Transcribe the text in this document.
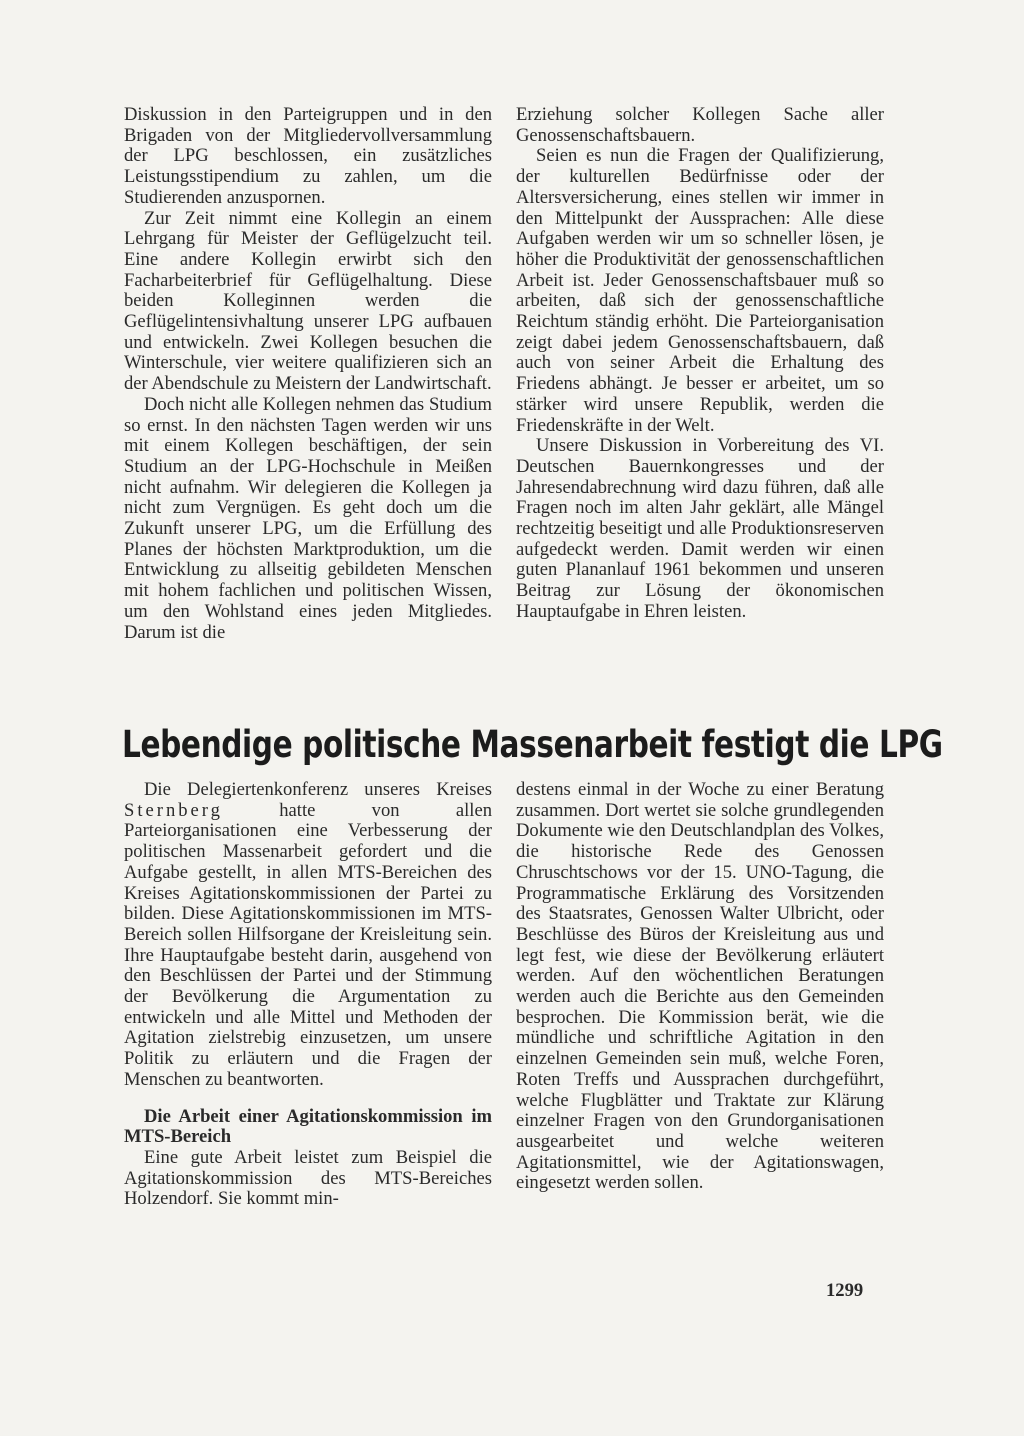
Diskussion in den Parteigruppen und in den Brigaden von der Mitgliedervollversammlung der LPG beschlossen, ein zusätzliches Leistungsstipendium zu zahlen, um die Studierenden anzuspornen.

Zur Zeit nimmt eine Kollegin an einem Lehrgang für Meister der Geflügelzucht teil. Eine andere Kollegin erwirbt sich den Facharbeiterbrief für Geflügelhaltung. Diese beiden Kolleginnen werden die Geflügelintensivhaltung unserer LPG aufbauen und entwickeln. Zwei Kollegen besuchen die Winterschule, vier weitere qualifizieren sich an der Abendschule zu Meistern der Landwirtschaft.

Doch nicht alle Kollegen nehmen das Studium so ernst. In den nächsten Tagen werden wir uns mit einem Kollegen beschäftigen, der sein Studium an der LPG-Hochschule in Meißen nicht aufnahm. Wir delegieren die Kollegen ja nicht zum Vergnügen. Es geht doch um die Zukunft unserer LPG, um die Erfüllung des Planes der höchsten Marktproduktion, um die Entwicklung zu allseitig gebildeten Menschen mit hohem fachlichen und politischen Wissen, um den Wohlstand eines jeden Mitgliedes. Darum ist die

Erziehung solcher Kollegen Sache aller Genossenschaftsbauern.

Seien es nun die Fragen der Qualifizierung, der kulturellen Bedürfnisse oder der Altersversicherung, eines stellen wir immer in den Mittelpunkt der Aussprachen: Alle diese Aufgaben werden wir um so schneller lösen, je höher die Produktivität der genossenschaftlichen Arbeit ist. Jeder Genossenschaftsbauer muß so arbeiten, daß sich der genossenschaftliche Reichtum ständig erhöht. Die Parteiorganisation zeigt dabei jedem Genossenschaftsbauern, daß auch von seiner Arbeit die Erhaltung des Friedens abhängt. Je besser er arbeitet, um so stärker wird unsere Republik, werden die Friedenskräfte in der Welt.

Unsere Diskussion in Vorbereitung des VI. Deutschen Bauernkongresses und der Jahresendabrechnung wird dazu führen, daß alle Fragen noch im alten Jahr geklärt, alle Mängel rechtzeitig beseitigt und alle Produktionsreserven aufgedeckt werden. Damit werden wir einen guten Plananlauf 1961 bekommen und unseren Beitrag zur Lösung der ökonomischen Hauptaufgabe in Ehren leisten.

Lebendige politische Massenarbeit festigt die LPG

Die Delegiertenkonferenz unseres Kreises Sternberg	hatte von allen Parteiorganisationen eine Verbesserung der politischen Massenarbeit gefordert und die Aufgabe gestellt, in allen MTS-Bereichen des Kreises Agitationskommissionen der Partei zu bilden. Diese Agitationskommissionen im MTS-Bereich sollen Hilfsorgane der Kreisleitung sein. Ihre Hauptaufgabe besteht darin, ausgehend von den Beschlüssen der Partei und der Stimmung der Bevölkerung die Argumentation zu entwickeln und alle Mittel und Methoden der Agitation zielstrebig einzusetzen, um unsere Politik zu erläutern und die Fragen der Menschen zu beantworten.

Die Arbeit einer Agitationskommission im MTS-Bereich

Eine gute Arbeit leistet zum Beispiel die Agitationskommission des MTS-Bereiches Holzendorf. Sie kommt min-

destens einmal in der Woche zu einer Beratung zusammen. Dort wertet sie solche grundlegenden Dokumente wie den Deutschlandplan des Volkes, die historische Rede des Genossen Chruschtschows vor der 15. UNO-Tagung, die Programmatische Erklärung des Vorsitzenden des Staatsrates, Genossen Walter Ulbricht, oder Beschlüsse des Büros der Kreisleitung aus und legt fest, wie diese der Bevölkerung erläutert werden. Auf den wöchentlichen Beratungen werden auch die Berichte aus den Gemeinden besprochen. Die Kommission berät, wie die mündliche und schriftliche Agitation in den einzelnen Gemeinden sein muß, welche Foren, Roten Treffs und Aussprachen durchgeführt, welche Flugblätter und Traktate zur Klärung einzelner Fragen von den Grundorganisationen ausgearbeitet und welche weiteren Agitationsmittel, wie der Agitationswagen, eingesetzt werden sollen.

1299
